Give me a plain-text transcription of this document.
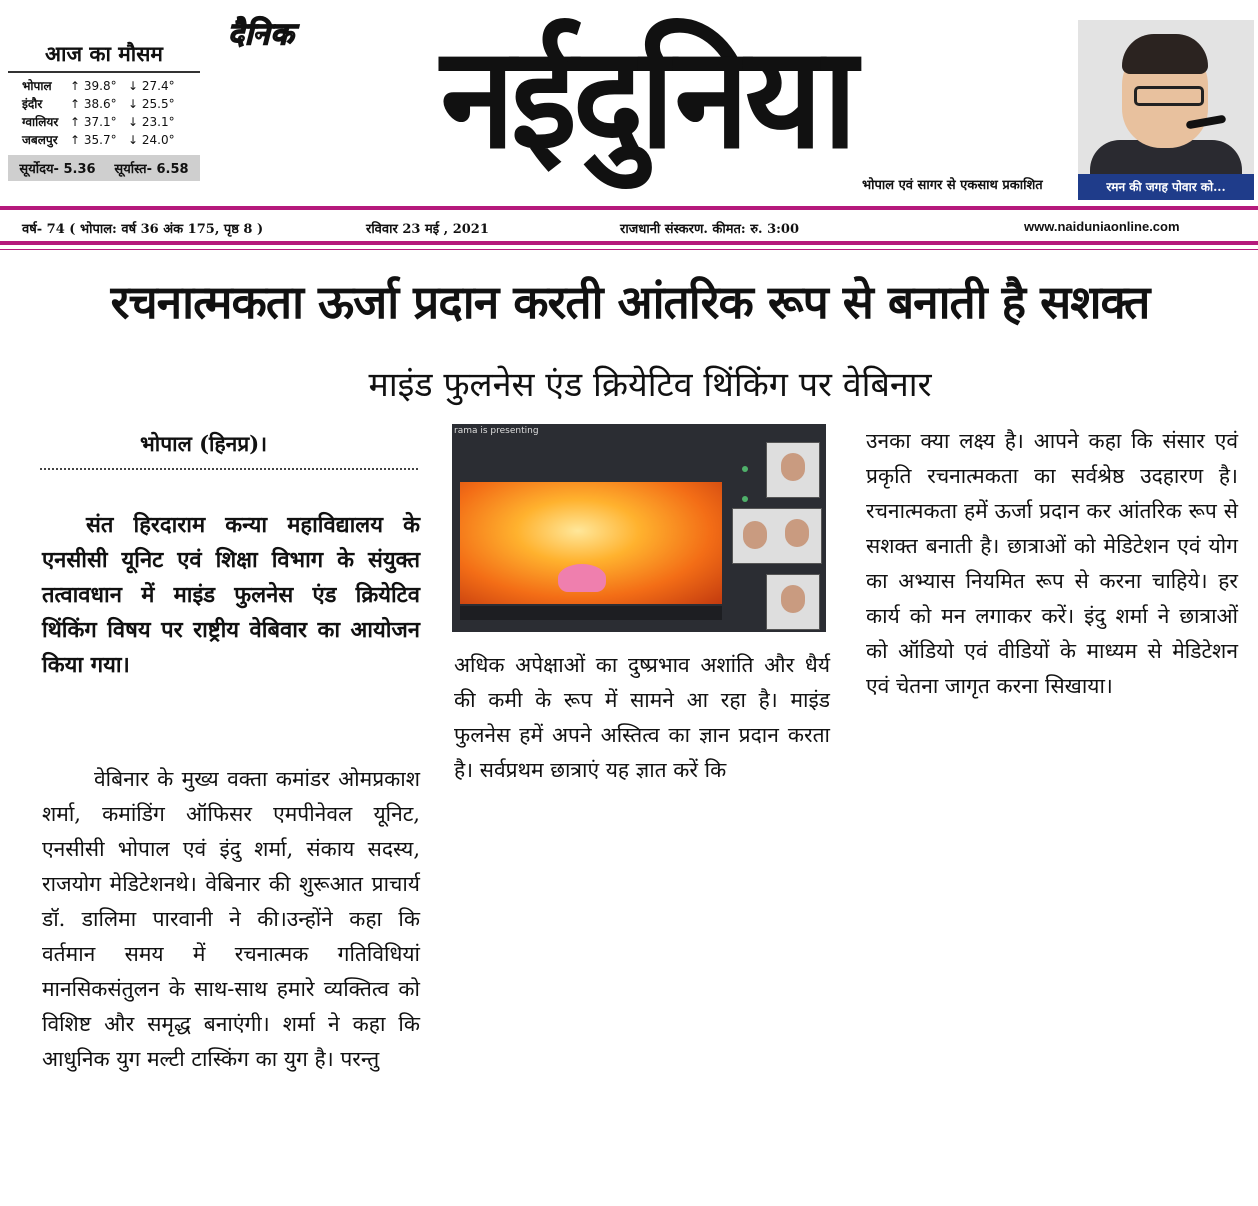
आज का मौसम
भोपाल	↑ 39.8° ↓ 27.4°
इंदौर	↑ 38.6° ↓ 25.5°
ग्वालियर ↑ 37.1° ↓ 23.1°
जबलपुर	↑ 35.7° ↓ 24.0°
सूर्योदय- 5.36 सूर्यास्त- 6.58	नईदुनिया
दैनिक
भोपाल एवं सागर से एकसाथ प्रकाशित	रमन की जगह पोवार को...
वर्ष- 74 ( भोपाल: वर्ष 36 अंक 175, पृष्ठ 8 )	रविवार 23 मई , 2021	राजधानी संस्करण. कीमत: रु. 3:00	www.naiduniaonline.com
रचनात्मकता ऊर्जा प्रदान करती आंतरिक रूप से बनाती है सशक्त
माइंड फुलनेस एंड क्रियेटिव थिंकिंग पर वेबिनार
भोपाल (हिनप्र)।
संत हिरदाराम कन्या महाविद्यालय के एनसीसी यूनिट एवं शिक्षा विभाग के संयुक्त तत्वावधान में माइंड फुलनेस एंड क्रियेटिव थिंकिंग विषय पर राष्ट्रीय वेबिवार का आयोजन किया गया।
वेबिनार के मुख्य वक्ता कमांडर ओमप्रकाश शर्मा, कमांडिंग ऑफिसर एमपीनेवल यूनिट, एनसीसी भोपाल एवं इंदु शर्मा, संकाय सदस्य, राजयोग मेडिटेशनथे। वेबिनार की शुरूआत प्राचार्य डॉ. डालिमा पारवानी ने की।उन्होंने कहा कि वर्तमान समय में रचनात्मक गतिविधियां मानसिकसंतुलन के साथ-साथ हमारे व्यक्तित्व को विशिष्ट और समृद्ध बनाएंगी। शर्मा ने कहा कि आधुनिक युग मल्टी टास्किंग का युग है। परन्तु
rama is presenting
अधिक अपेक्षाओं का दुष्प्रभाव अशांति और धैर्य की कमी के रूप में सामने आ रहा है। माइंड फुलनेस हमें अपने अस्तित्व का ज्ञान प्रदान करता है। सर्वप्रथम छात्राएं यह ज्ञात करें कि
उनका क्या लक्ष्य है। आपने कहा कि संसार एवं प्रकृति रचनात्मकता का सर्वश्रेष्ठ उदहारण है। रचनात्मकता हमें ऊर्जा प्रदान कर आंतरिक रूप से सशक्त बनाती है। छात्राओं को मेडिटेशन एवं योग का अभ्यास नियमित रूप से करना चाहिये। हर कार्य को मन लगाकर करें। इंदु शर्मा ने छात्राओं को ऑडियो एवं वीडियों के माध्यम से मेडिटेशन एवं चेतना जागृत करना सिखाया।
